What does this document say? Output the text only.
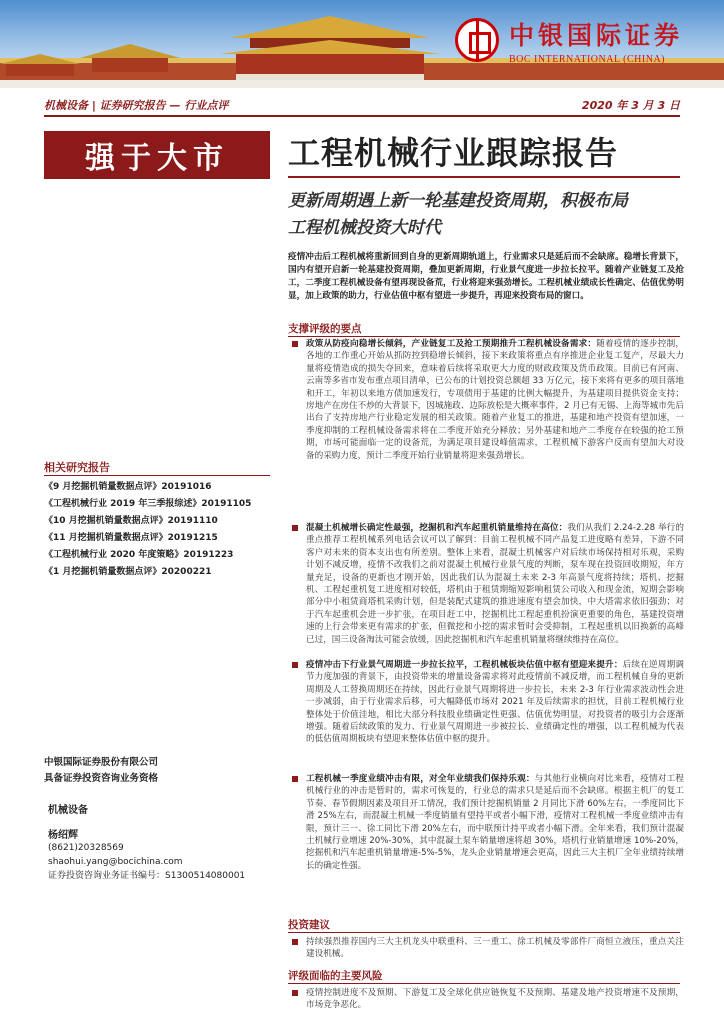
中银国际证券
BOC INTERNATIONAL (CHINA)
机械设备 | 证券研究报告 — 行业点评	2020 年 3 月 3 日
强于大市	工程机械行业跟踪报告
更新周期遇上新一轮基建投资周期，积极布局
工程机械投资大时代
疫情冲击后工程机械将重新回到自身的更新周期轨道上，行业需求只是延后而不会缺席。稳增长背景下，国内有望开启新一轮基建投资周期，叠加更新周期，行业景气度进一步拉长拉平。随着产业链复工及抢工，二季度工程机械设备有望再现设备荒，行业将迎来强劲增长。工程机械业绩成长性确定、估值优势明显，加上政策的助力，行业估值中枢有望进一步提升，再迎来投资布局的窗口。
支撑评级的要点
政策从防疫向稳增长倾斜，产业链复工及抢工预期推升工程机械设备需求：随着疫情的逐步控制，各地的工作重心开始从抓防控到稳增长倾斜，接下来政策将重点有序推进企业复工复产，尽最大力量将疫情造成的损失夺回来，意味着后续将采取更大力度的财政政策及货币政策。目前已有河南、云南等多省市发布重点项目清单，已公布的计划投资总额超 33 万亿元，接下来将有更多的项目落地和开工，年初以来地方债加速发行，专项债用于基建的比例大幅提升，为基建项目提供资金支持；房地产在房住不炒的大背景下，因城施政、边际放松是大概率事件，2 月已有无锡、上海等城市先后出台了支持房地产行业稳定发展的相关政策。随着产业复工的推进，基建和地产投资有望加速，一季度抑制的工程机械设备需求将在二季度开始充分释放；另外基建和地产二季度存在较强的抢工预期，市场可能面临一定的设备荒，为满足项目建设峰值需求，工程机械下游客户反而有望加大对设备的采购力度，预计二季度开始行业销量将迎来强劲增长。
混凝土机械增长确定性最强，挖掘机和汽车起重机销量维持在高位：我们从我们 2.24-2.28 举行的重点推荐工程机械系列电话会议可以了解到：目前工程机械不同产品复工进度略有差异，下游不同客户对未来的资本支出也有所差别。整体上来看，混凝土机械客户对后续市场保持相对乐观，采购计划不减反增，疫情不改我们之前对混凝土机械行业景气度的判断，泵车现在投资回收期短，年方量充足，设备的更新也才刚开始，因此我们认为混凝土未来 2-3 年高景气度将持续；塔机、挖掘机、工程起重机复工进度相对较低，塔机由于租赁期缩短影响租赁公司收入和现金流，短期会影响部分中小租赁商塔机采购计划，但是装配式建筑的推进速度有望会加快，中大塔需求依旧强劲；对于汽车起重机会进一步扩张，在项目赶工中，挖掘机比工程起重机扮演更重要的角色，基建投资增速的上行会带来更有需求的扩张，但微挖和小挖的需求暂时会受抑制，工程起重机以旧换新的高峰已过，国三设备淘汰可能会放缓，因此挖掘机和汽车起重机销量将继续维持在高位。
疫情冲击下行业景气周期进一步拉长拉平，工程机械板块估值中枢有望迎来提升：后续在逆周期调节力度加强的背景下，由投资带来的增量设备需求将对此疫情前不减反增，而工程机械自身的更新周期及人工替换周期还在持续，因此行业景气周期将进一步拉长，未来 2-3 年行业需求波动性会进一步减弱，由于行业需求后移，可大幅降低市场对 2021 年及后续需求的担忧，目前工程机械行业整体处于价值洼地，相比大部分科技股业绩确定性更强、估值优势明显，对投资者的吸引力会逐渐增强。随着后续政策的发力、行业景气周期进一步被拉长、业绩确定性的增强，以工程机械为代表的低估值周期板块有望迎来整体估值中枢的提升。
工程机械一季度业绩冲击有限，对全年业绩我们保持乐观：与其他行业横向对比来看，疫情对工程机械行业的冲击是暂时的，需求可恢复的，行业总的需求只是延后而不会缺席。根据主机厂的复工节奏、春节假期因素及项目开工情况，我们预计挖掘机销量 2 月同比下滑 60%左右，一季度同比下滑 25%左右，而混凝土机械一季度销量有望持平或者小幅下滑，疫情对工程机械一季度业绩冲击有限，预计三一、徐工同比下滑 20%左右，而中联预计持平或者小幅下滑。全年来看，我们预计混凝土机械行业增速 20%-30%，其中混凝土泵车销量增速将超 30%，塔机行业销量增速 10%-20%，挖掘机和汽车起重机销量增速-5%-5%，龙头企业销量增速会更高，因此三大主机厂全年业绩持续增长的确定性强。
投资建议
持续强烈推荐国内三大主机龙头中联重科、三一重工、徐工机械及零部件厂商恒立液压，重点关注建设机械。
评级面临的主要风险
疫情控制进度不及预期、下游复工及全球化供应链恢复不及预期、基建及地产投资增速不及预期，市场竞争恶化。
相关研究报告
《9 月挖掘机销量数据点评》20191016
《工程机械行业 2019 年三季报综述》20191105
《10 月挖掘机销量数据点评》20191110
《11 月挖掘机销量数据点评》20191215
《工程机械行业 2020 年度策略》20191223
《1 月挖掘机销量数据点评》20200221
中银国际证券股份有限公司
具备证券投资咨询业务资格
机械设备
杨绍辉
(8621)20328569
shaohui.yang@bocichina.com
证券投资咨询业务证书编号：S1300514080001
